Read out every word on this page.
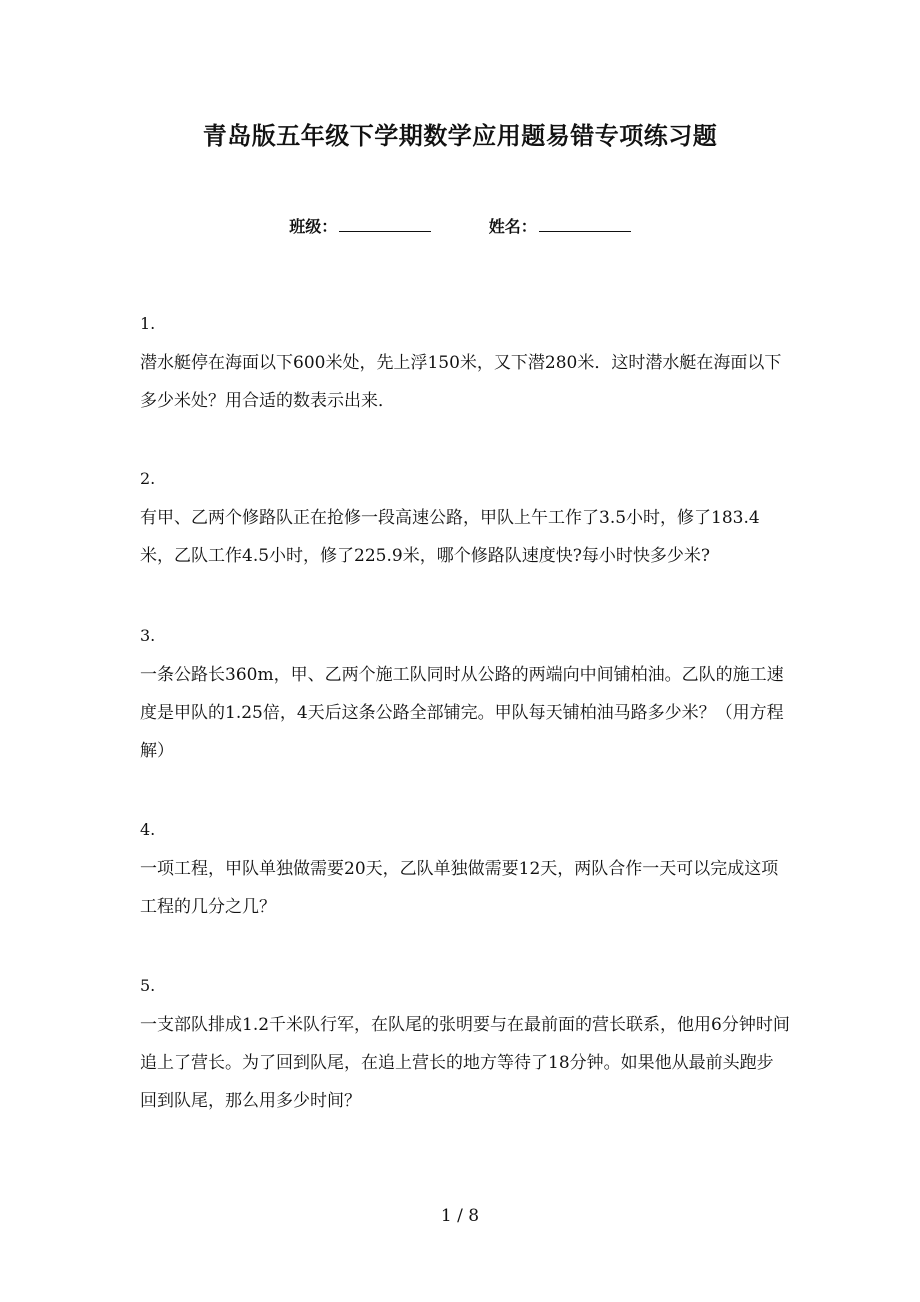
青岛版五年级下学期数学应用题易错专项练习题
班级：	姓名：
1.
潜水艇停在海面以下600米处，先上浮150米，又下潜280米．这时潜水艇在海面以下多少米处？用合适的数表示出来．
2.
有甲、乙两个修路队正在抢修一段高速公路，甲队上午工作了3.5小时，修了183.4米，乙队工作4.5小时，修了225.9米，哪个修路队速度快?每小时快多少米?
3.
一条公路长360m，甲、乙两个施工队同时从公路的两端向中间铺柏油。乙队的施工速度是甲队的1.25倍，4天后这条公路全部铺完。甲队每天铺柏油马路多少米？（用方程解）
4.
一项工程，甲队单独做需要20天，乙队单独做需要12天，两队合作一天可以完成这项工程的几分之几？
5.
一支部队排成1.2千米队行军，在队尾的张明要与在最前面的营长联系，他用6分钟时间追上了营长。为了回到队尾，在追上营长的地方等待了18分钟。如果他从最前头跑步回到队尾，那么用多少时间？
1 / 8
